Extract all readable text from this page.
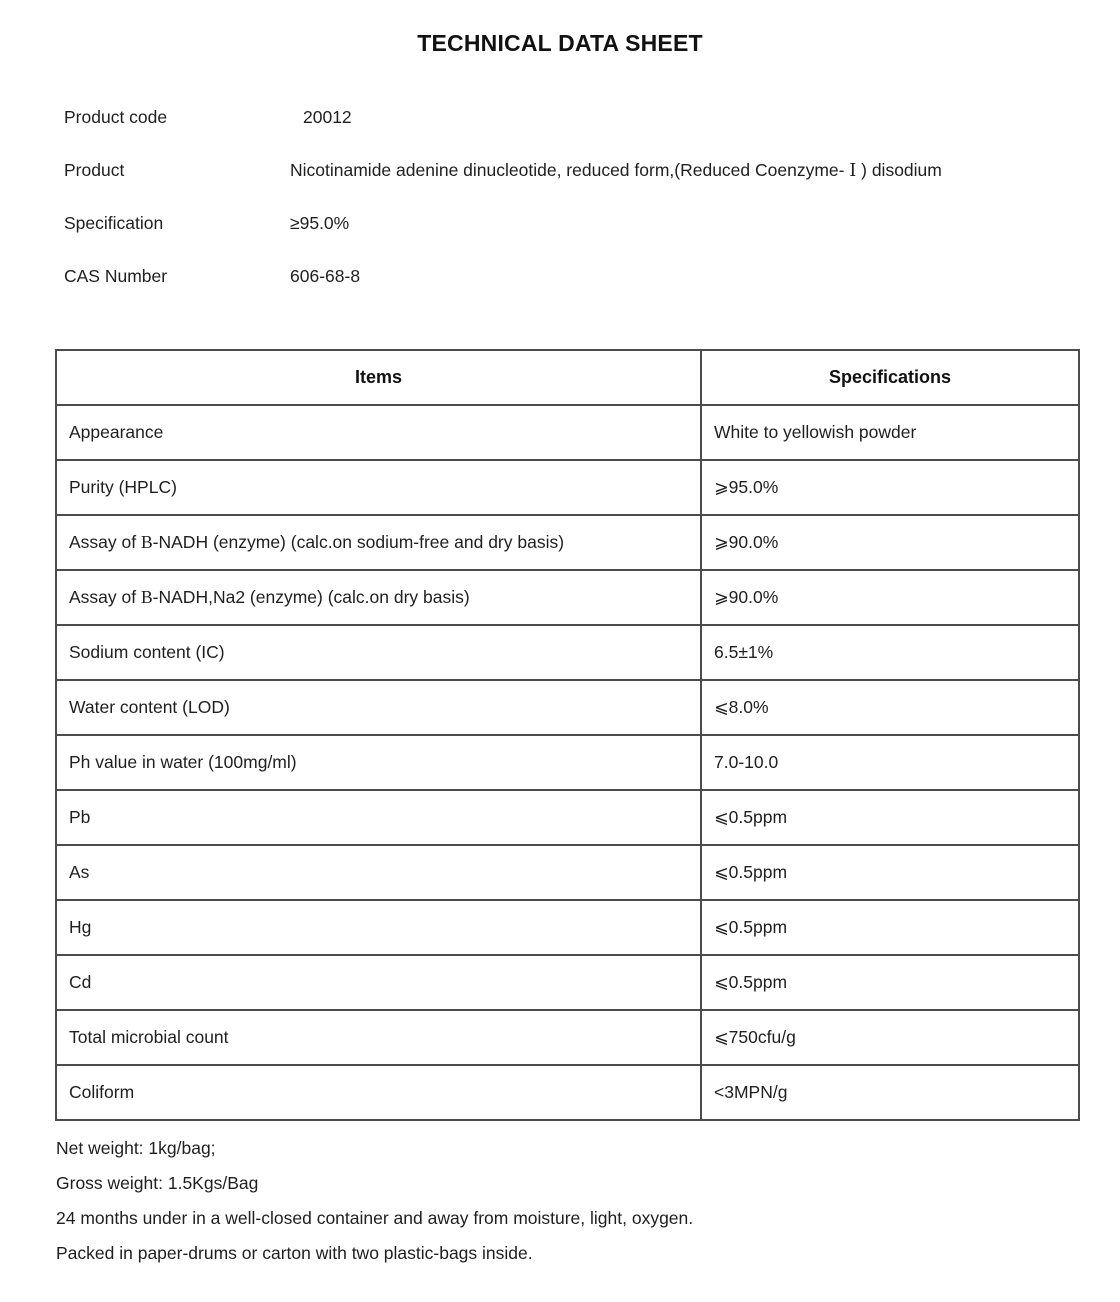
TECHNICAL DATA SHEET
Product code	20012
Product	Nicotinamide adenine dinucleotide, reduced form,(Reduced Coenzyme- Ⅰ ) disodium
Specification	≥95.0%
CAS Number	606-68-8
Items	Specifications
Appearance	White to yellowish powder
Purity (HPLC)	⩾95.0%
Assay of Β-NADH (enzyme) (calc.on sodium-free and dry basis)	⩾90.0%
Assay of Β-NADH,Na2 (enzyme) (calc.on dry basis)	⩾90.0%
Sodium content (IC)	6.5±1%
Water content (LOD)	⩽8.0%
Ph value in water (100mg/ml)	7.0-10.0
Pb	⩽0.5ppm
As	⩽0.5ppm
Hg	⩽0.5ppm
Cd	⩽0.5ppm
Total microbial count	⩽750cfu/g
Coliform	<3MPN/g
Net weight: 1kg/bag;
Gross weight: 1.5Kgs/Bag
24 months under in a well-closed container and away from moisture, light, oxygen.
Packed in paper-drums or carton with two plastic-bags inside.
